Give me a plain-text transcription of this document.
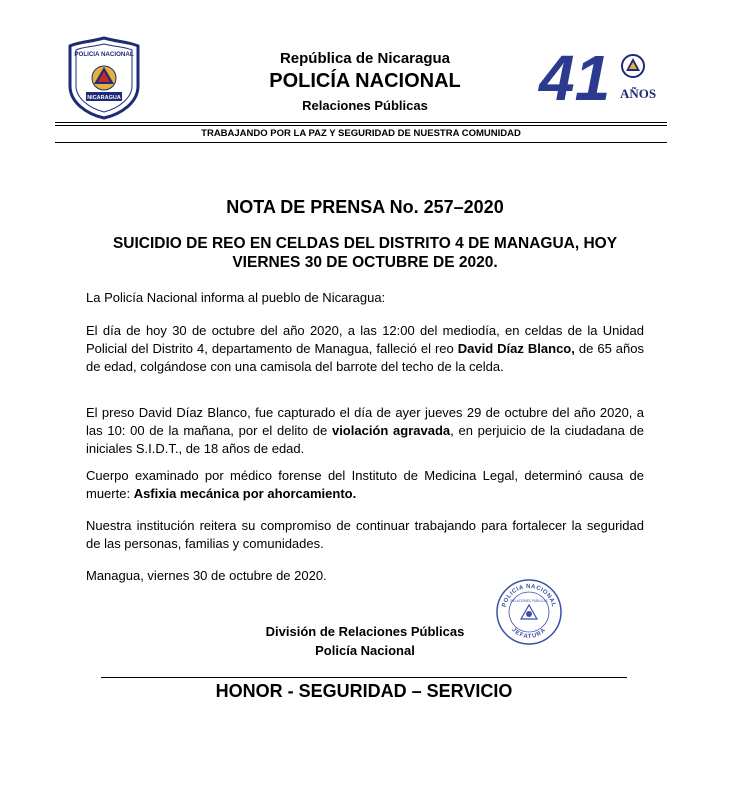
POLICIA NACIONAL
NICARAGUA
República de Nicaragua
POLICÍA NACIONAL
Relaciones Públicas	41 AÑOS
TRABAJANDO POR LA PAZ Y SEGURIDAD DE NUESTRA COMUNIDAD
NOTA DE PRENSA No. 257–2020
SUICIDIO DE REO EN CELDAS DEL DISTRITO 4 DE MANAGUA, HOY VIERNES 30 DE OCTUBRE DE 2020.
La Policía Nacional informa al pueblo de Nicaragua:
El día de hoy 30 de octubre del año 2020, a las 12:00 del mediodía, en celdas de la Unidad Policial del Distrito 4, departamento de Managua, falleció el reo David Díaz Blanco, de 65 años de edad, colgándose con una camisola del barrote del techo de la celda.
El preso David Díaz Blanco, fue capturado el día de ayer jueves 29 de octubre del año 2020, a las 10: 00 de la mañana, por el delito de violación agravada, en perjuicio de la ciudadana de iniciales S.I.D.T., de 18 años de edad.
Cuerpo examinado por médico forense del Instituto de Medicina Legal, determinó causa de muerte: Asfixia mecánica por ahorcamiento.
Nuestra institución reitera su compromiso de continuar trabajando para fortalecer la seguridad de las personas, familias y comunidades.
Managua, viernes 30 de octubre de 2020.
POLICIA NACIONAL
RELACIONES PUBLICAS
JEFATURA
División de Relaciones Públicas
Policía Nacional
HONOR - SEGURIDAD – SERVICIO
